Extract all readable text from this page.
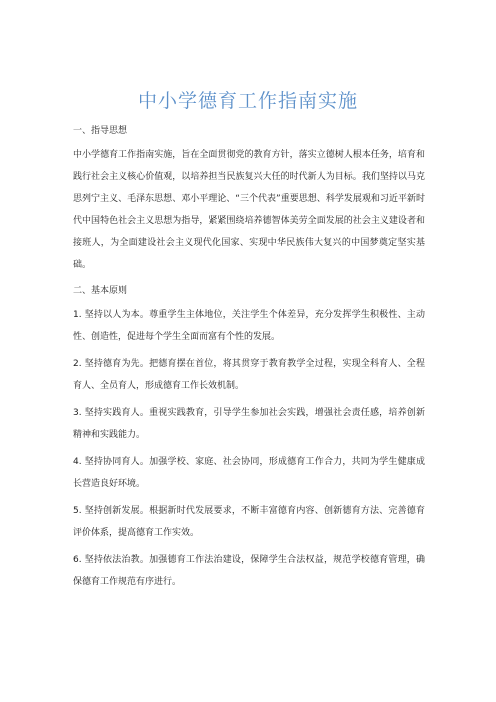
中小学德育工作指南实施
一、指导思想
中小学德育工作指南实施，旨在全面贯彻党的教育方针，落实立德树人根本任务，培育和践行社会主义核心价值观，以培养担当民族复兴大任的时代新人为目标。我们坚持以马克思列宁主义、毛泽东思想、邓小平理论、“三个代表”重要思想、科学发展观和习近平新时代中国特色社会主义思想为指导，紧紧围绕培养德智体美劳全面发展的社会主义建设者和接班人，为全面建设社会主义现代化国家、实现中华民族伟大复兴的中国梦奠定坚实基础。
二、基本原则
1. 坚持以人为本。尊重学生主体地位，关注学生个体差异，充分发挥学生积极性、主动性、创造性，促进每个学生全面而富有个性的发展。
2. 坚持德育为先。把德育摆在首位，将其贯穿于教育教学全过程，实现全科育人、全程育人、全员育人，形成德育工作长效机制。
3. 坚持实践育人。重视实践教育，引导学生参加社会实践，增强社会责任感，培养创新精神和实践能力。
4. 坚持协同育人。加强学校、家庭、社会协同，形成德育工作合力，共同为学生健康成长营造良好环境。
5. 坚持创新发展。根据新时代发展要求，不断丰富德育内容、创新德育方法、完善德育评价体系，提高德育工作实效。
6. 坚持依法治教。加强德育工作法治建设，保障学生合法权益，规范学校德育管理，确保德育工作规范有序进行。
